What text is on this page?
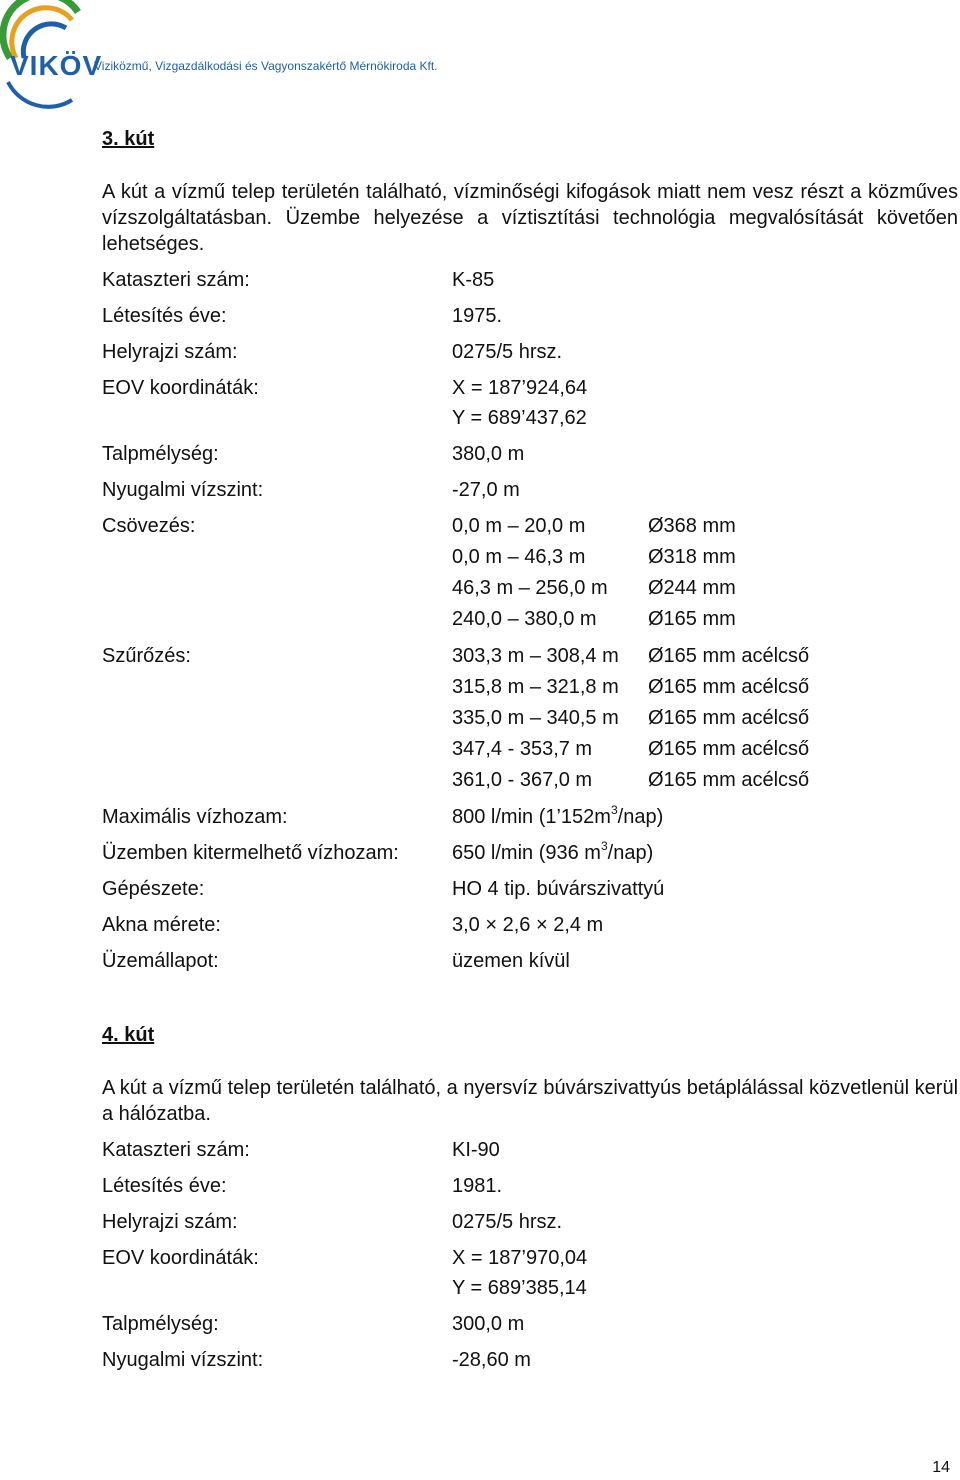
VIKÖV
Viziközmű, Vizgazdálkodási és Vagyonszakértő Mérnökiroda Kft.
3. kút

A kút a vízmű telep területén található, vízminőségi kifogások miatt nem vesz részt a közműves vízszolgáltatásban. Üzembe helyezése a víztisztítási technológia megvalósítását követően lehetséges.

Kataszteri szám:	K-85
Létesítés éve:	1975.
Helyrajzi szám:	0275/5 hrsz.
EOV koordináták:	X = 187’924,64
Y = 689’437,62
Talpmélység:	380,0 m
Nyugalmi vízszint:	-27,0 m
Csövezés:	0,0 m – 20,0 m	Ø368 mm
0,0 m – 46,3 m	Ø318 mm
46,3 m – 256,0 m	Ø244 mm
240,0 – 380,0 m	Ø165 mm
Szűrőzés:	303,3 m – 308,4 m	Ø165 mm acélcső
315,8 m – 321,8 m	Ø165 mm acélcső
335,0 m – 340,5 m	Ø165 mm acélcső
347,4 - 353,7 m	Ø165 mm acélcső
361,0 - 367,0 m	Ø165 mm acélcső
Maximális vízhozam:	800 l/min $(1’152m^3/nap)$
Üzemben kitermelhető vízhozam:	650 l/min (936 $m^3/nap$)
Gépészete:	HO 4 tip. búvárszivattyú
Akna mérete:	3,0 × 2,6 × 2,4 m
Üzemállapot:	üzemen kívül
4. kút

A kút a vízmű telep területén található, a nyersvíz búvárszivattyús betáplálással közvetlenül kerül a hálózatba.

Kataszteri szám:	KI-90
Létesítés éve:	1981.
Helyrajzi szám:	0275/5 hrsz.
EOV koordináták:	X = 187’970,04
Y = 689’385,14
Talpmélység:	300,0 m
Nyugalmi vízszint:	-28,60 m
14
